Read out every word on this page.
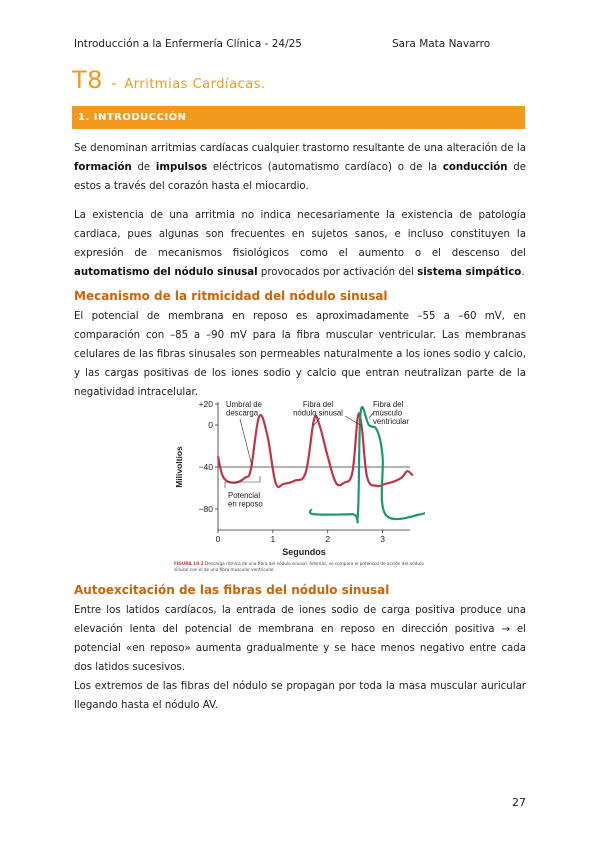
Introducción a la Enfermería Clínica - 24/25	Sara Mata Navarro
T8 - Arritmias Cardíacas.
1. INTRODUCCIÓN

Se denominan arritmias cardíacas cualquier trastorno resultante de una alteración de la formación de impulsos eléctricos (automatismo cardíaco) o de la conducción de estos a través del corazón hasta el miocardio.

La existencia de una arritmia no indica necesariamente la existencia de patología cardiaca, pues algunas son frecuentes en sujetos sanos, e incluso constituyen la expresión de mecanismos fisiológicos como el aumento o el descenso del automatismo del nódulo sinusal provocados por activación del sistema simpático.

Mecanismo de la ritmicidad del nódulo sinusal

El potencial de membrana en reposo es aproximadamente –55 a –60 mV, en comparación con –85 a –90 mV para la fibra muscular ventricular. Las membranas celulares de las fibras sinusales son permeables naturalmente a los iones sodio y calcio, y las cargas positivas de los iones sodio y calcio que entran neutralizan parte de la negatividad intracelular.

+20
0
−40
−80
0	1	2	3
Segundos
Milivoltios
Umbral de descarga
Fibra del nódulo sinusal
Fibra del músculo ventricular
Potencial en reposo
FIGURA 10-2 Descarga rítmica de una fibra del nódulo sinusal. Además, se compara el potencial de acción del nódulo sinusal con el de una fibra muscular ventricular.
Autoexcitación de las fibras del nódulo sinusal

Entre los latidos cardíacos, la entrada de iones sodio de carga positiva produce una elevación lenta del potencial de membrana en reposo en dirección positiva → el potencial «en reposo» aumenta gradualmente y se hace menos negativo entre cada dos latidos sucesivos.

Los extremos de las fibras del nódulo se propagan por toda la masa muscular auricular llegando hasta el nódulo AV.

27
